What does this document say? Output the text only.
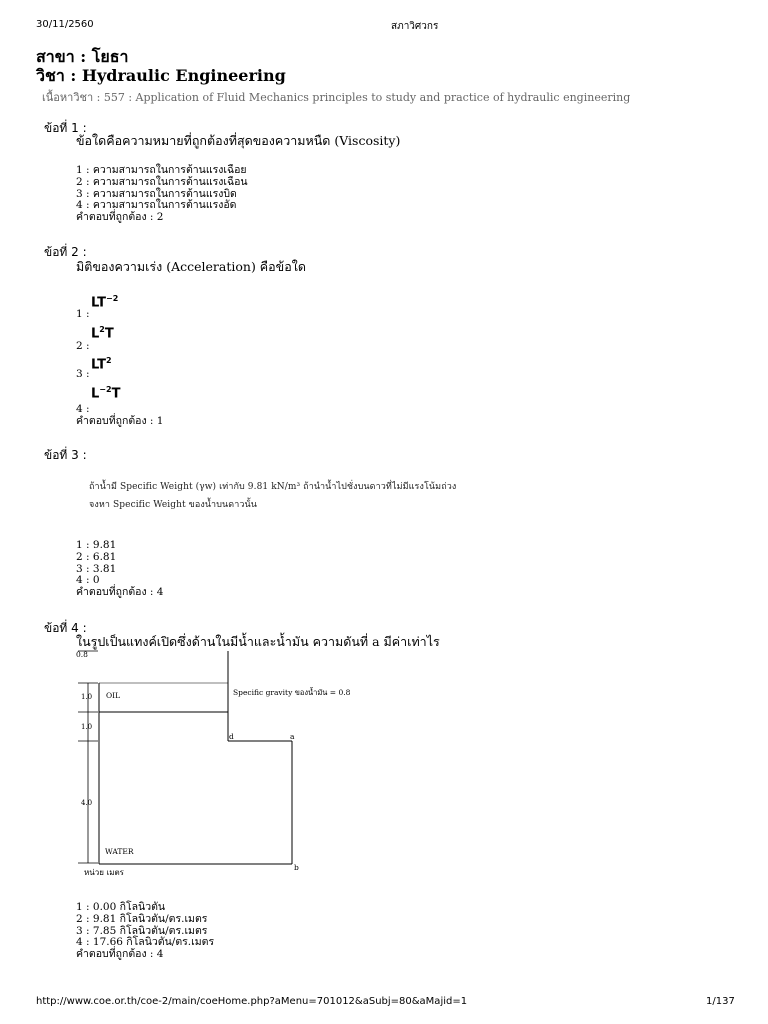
30/11/2560	สภาวิศวกร
สาขา : โยธา
วิชา : Hydraulic Engineering
เนื้อหาวิชา : 557 : Application of Fluid Mechanics principles to study and practice of hydraulic engineering
ข้อที่ 1 :
ข้อใดคือความหมายที่ถูกต้องที่สุดของความหนืด (Viscosity)
1 : ความสามารถในการต้านแรงเฉือย
2 : ความสามารถในการต้านแรงเฉือน
3 : ความสามารถในการต้านแรงบิด
4 : ความสามารถในการต้านแรงอัด
คำตอบที่ถูกต้อง : 2
ข้อที่ 2 :
มิติของความเร่ง (Acceleration) คือข้อใด
$LT^{-2}$
1 :
$L^2T$
2 :
$LT^2$
3 :
$L^{-2}T$
4 :
คำตอบที่ถูกต้อง : 1
ข้อที่ 3 :
ถ้าน้ำมี Specific Weight (γw) เท่ากับ 9.81 kN/m³ ถ้านำน้ำไปชั่งบนดาวที่ไม่มีแรงโน้มถ่วง
จงหา Specific Weight ของน้ำบนดาวนั้น
1 : 9.81
2 : 6.81
3 : 3.81
4 : 0
คำตอบที่ถูกต้อง : 4
ข้อที่ 4 :
ในรูปเป็นแทงค์เปิดซึ่งด้านในมีน้ำและน้ำมัน ความดันที่ a มีค่าเท่าไร
0.8
1.0
1.0
4.0
OIL
WATER
Specific gravity ของน้ำมัน = 0.8
d	a
b
หน่วย เมตร
1 : 0.00 กิโลนิวตัน
2 : 9.81 กิโลนิวตัน/ตร.เมตร
3 : 7.85 กิโลนิวตัน/ตร.เมตร
4 : 17.66 กิโลนิวตัน/ตร.เมตร
คำตอบที่ถูกต้อง : 4
http://www.coe.or.th/coe-2/main/coeHome.php?aMenu=701012&aSubj=80&aMajid=1	1/137
